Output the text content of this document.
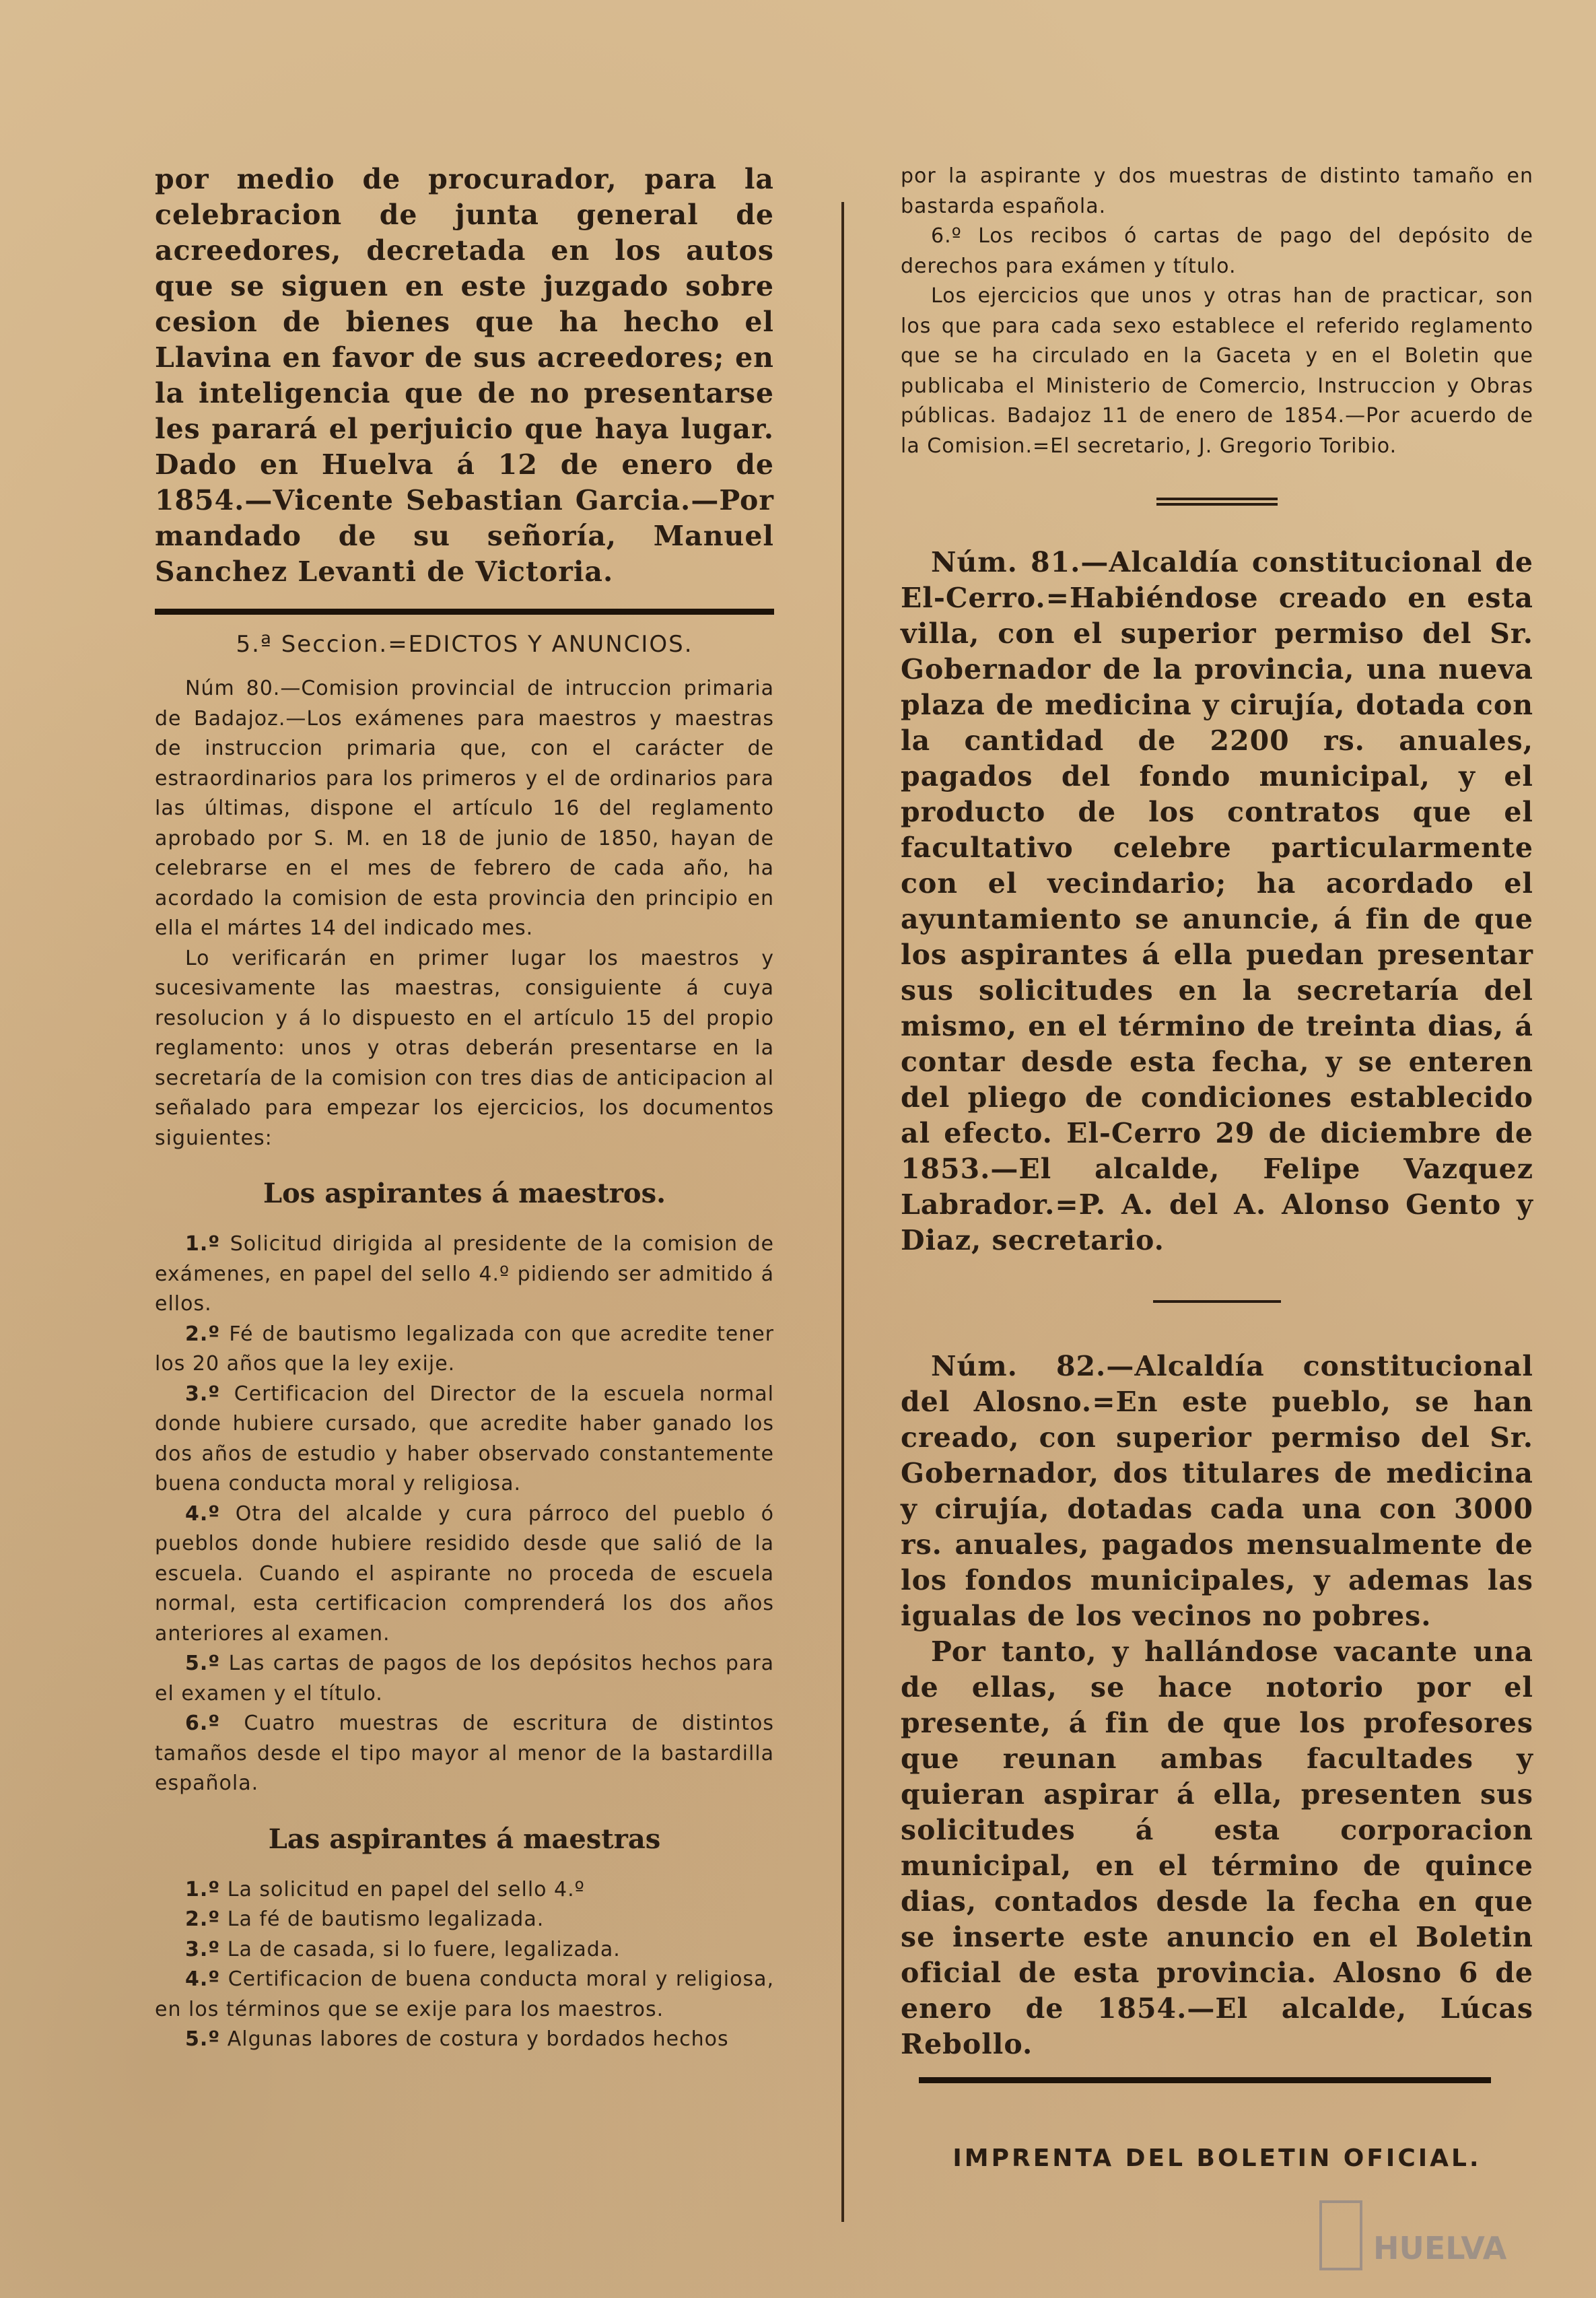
por medio de procurador, para la celebracion de junta general de acreedores, decretada en los autos que se siguen en este juzgado sobre cesion de bienes que ha hecho el Llavina en favor de sus acreedores; en la inteligencia que de no presentarse les parará el perjuicio que haya lugar. Dado en Huelva á 12 de enero de 1854.—Vicente Sebastian Garcia.—Por mandado de su señoría, Manuel Sanchez Levanti de Victoria.

5.ª Seccion.=EDICTOS Y ANUNCIOS.

Núm 80.—Comision provincial de intruccion primaria de Badajoz.—Los exámenes para maestros y maestras de instruccion primaria que, con el carácter de estraordinarios para los primeros y el de ordinarios para las últimas, dispone el artículo 16 del reglamento aprobado por S. M. en 18 de junio de 1850, hayan de celebrarse en el mes de febrero de cada año, ha acordado la comision de esta provincia den principio en ella el mártes 14 del indicado mes.

Lo verificarán en primer lugar los maestros y sucesivamente las maestras, consiguiente á cuya resolucion y á lo dispuesto en el artículo 15 del propio reglamento: unos y otras deberán presentarse en la secretaría de la comision con tres dias de anticipacion al señalado para empezar los ejercicios, los documentos siguientes:

Los aspirantes á maestros.

1.º Solicitud dirigida al presidente de la comision de exámenes, en papel del sello 4.º pidiendo ser admitido á ellos.

2.º Fé de bautismo legalizada con que acredite tener los 20 años que la ley exije.

3.º Certificacion del Director de la escuela normal donde hubiere cursado, que acredite haber ganado los dos años de estudio y haber observado constantemente buena conducta moral y religiosa.

4.º Otra del alcalde y cura párroco del pueblo ó pueblos donde hubiere residido desde que salió de la escuela. Cuando el aspirante no proceda de escuela normal, esta certificacion comprenderá los dos años anteriores al examen.

5.º Las cartas de pagos de los depósitos hechos para el examen y el título.

6.º Cuatro muestras de escritura de distintos tamaños desde el tipo mayor al menor de la bastardilla española.

Las aspirantes á maestras

1.º La solicitud en papel del sello 4.º

2.º La fé de bautismo legalizada.

3.º La de casada, si lo fuere, legalizada.

4.º Certificacion de buena conducta moral y religiosa, en los términos que se exije para los maestros.

5.º Algunas labores de costura y bordados hechos

por la aspirante y dos muestras de distinto tamaño en bastarda española.

6.º Los recibos ó cartas de pago del depósito de derechos para exámen y título.

Los ejercicios que unos y otras han de practicar, son los que para cada sexo establece el referido reglamento que se ha circulado en la Gaceta y en el Boletin que publicaba el Ministerio de Comercio, Instruccion y Obras públicas. Badajoz 11 de enero de 1854.—Por acuerdo de la Comision.=El secretario, J. Gregorio Toribio.

Núm. 81.—Alcaldía constitucional de El-Cerro.=Habiéndose creado en esta villa, con el superior permiso del Sr. Gobernador de la provincia, una nueva plaza de medicina y cirujía, dotada con la cantidad de 2200 rs. anuales, pagados del fondo municipal, y el producto de los contratos que el facultativo celebre particularmente con el vecindario; ha acordado el ayuntamiento se anuncie, á fin de que los aspirantes á ella puedan presentar sus solicitudes en la secretaría del mismo, en el término de treinta dias, á contar desde esta fecha, y se enteren del pliego de condiciones establecido al efecto. El-Cerro 29 de diciembre de 1853.—El alcalde, Felipe Vazquez Labrador.=P. A. del A. Alonso Gento y Diaz, secretario.

Núm. 82.—Alcaldía constitucional del Alosno.=En este pueblo, se han creado, con superior permiso del Sr. Gobernador, dos titulares de medicina y cirujía, dotadas cada una con 3000 rs. anuales, pagados mensualmente de los fondos municipales, y ademas las igualas de los vecinos no pobres.

Por tanto, y hallándose vacante una de ellas, se hace notorio por el presente, á fin de que los profesores que reunan ambas facultades y quieran aspirar á ella, presenten sus solicitudes á esta corporacion municipal, en el término de quince dias, contados desde la fecha en que se inserte este anuncio en el Boletin oficial de esta provincia. Alosno 6 de enero de 1854.—El alcalde, Lúcas Rebollo.

IMPRENTA DEL BOLETIN OFICIAL.
HUELVA
